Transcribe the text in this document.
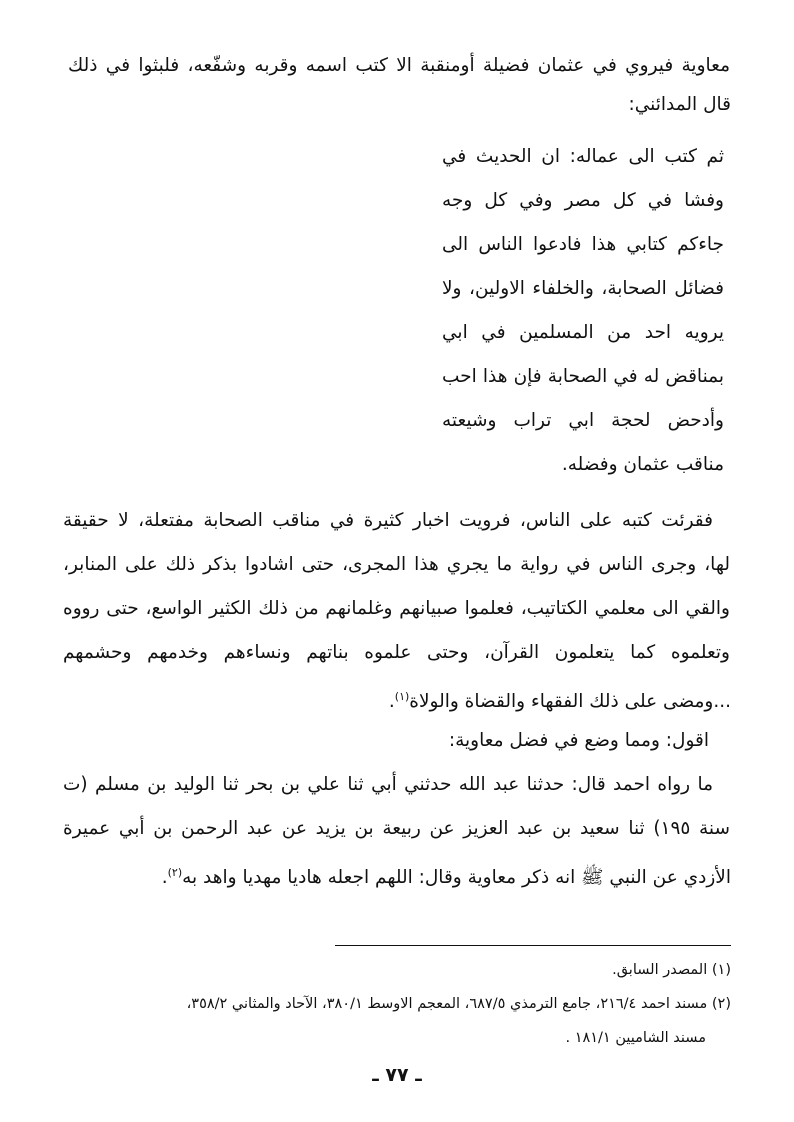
معاوية فيروي في عثمان فضيلة أومنقبة الا كتب اسمه وقربه وشفّعه، فلبثوا في ذلك
قال المدائني:
ثم كتب الى عماله: ان الحديث في
وفشا في كل مصر وفي كل وجه
جاءكم كتابي هذا فادعوا الناس الى
فضائل الصحابة، والخلفاء الاولين، ولا
يرويه احد من المسلمين في ابي
بمناقض له في الصحابة فإن هذا احب
وأدحض لحجة ابي تراب وشيعته
مناقب عثمان وفضله.
فقرئت كتبه على الناس، فرويت اخبار كثيرة في مناقب الصحابة مفتعلة، لا حقيقة
لها، وجرى الناس في رواية ما يجري هذا المجرى، حتى اشادوا بذكر ذلك على المنابر،
والقي الى معلمي الكتاتيب، فعلموا صبيانهم وغلمانهم من ذلك الكثير الواسع، حتى رووه
وتعلموه كما يتعلمون القرآن، وحتى علموه بناتهم ونساءهم وخدمهم وحشمهم
...ومضى على ذلك الفقهاء والقضاة والولاة$^{(١)}$.
اقول: ومما وضع في فضل معاوية:
ما رواه احمد قال: حدثنا عبد الله حدثني أبي ثنا علي بن بحر ثنا الوليد بن مسلم (ت
سنة ١٩٥) ثنا سعيد بن عبد العزيز عن ربيعة بن يزيد عن عبد الرحمن بن أبي عميرة
الأزدي عن النبي ﷺ انه ذكر معاوية وقال: اللهم اجعله هاديا مهديا واهد به$^{(٢)}$.
(١) المصدر السابق.
(٢) مسند احمد ٢١٦/٤، جامع الترمذي ٦٨٧/٥، المعجم الاوسط ٣٨٠/١، الآحاد والمثاني ٣٥٨/٢،
مسند الشاميين ١٨١/١ .
ـ ٧٧ ـ
